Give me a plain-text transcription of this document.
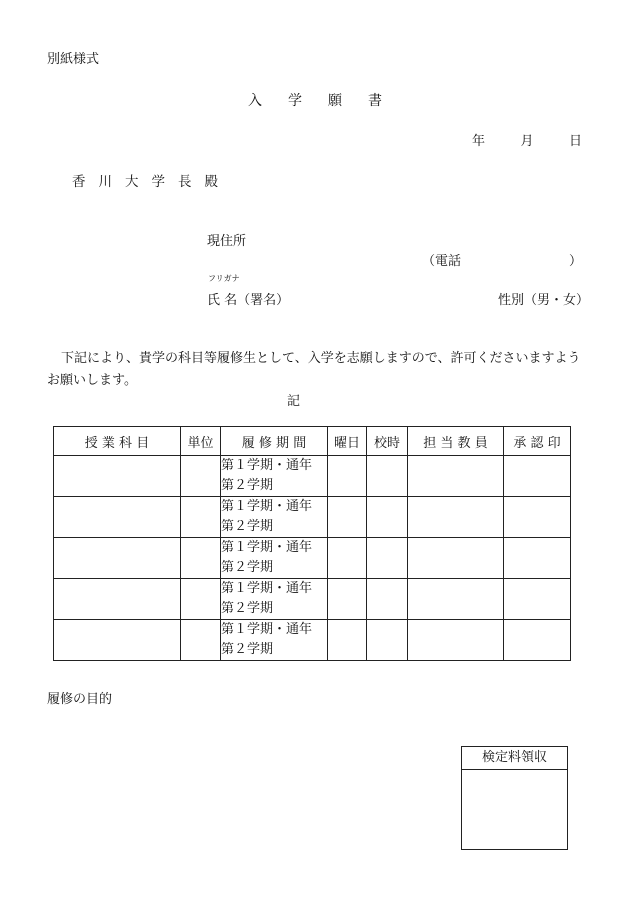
別紙様式
入学願書
年	月	日
香川大学長殿
現住所
（電話	）
フリガナ
氏 名（署名）	性別（男・女）

下記により、貴学の科目等履修生として、入学を志願しますので、許可くださいますようお願いします。

記
授 業 科 目	単位	履 修 期 間	曜日	校時	担 当 教 員	承 認 印

		第１学期・通年
第２学期				

		第１学期・通年
第２学期				

		第１学期・通年
第２学期				

		第１学期・通年
第２学期				

		第１学期・通年
第２学期				

履修の目的
検定料領収
